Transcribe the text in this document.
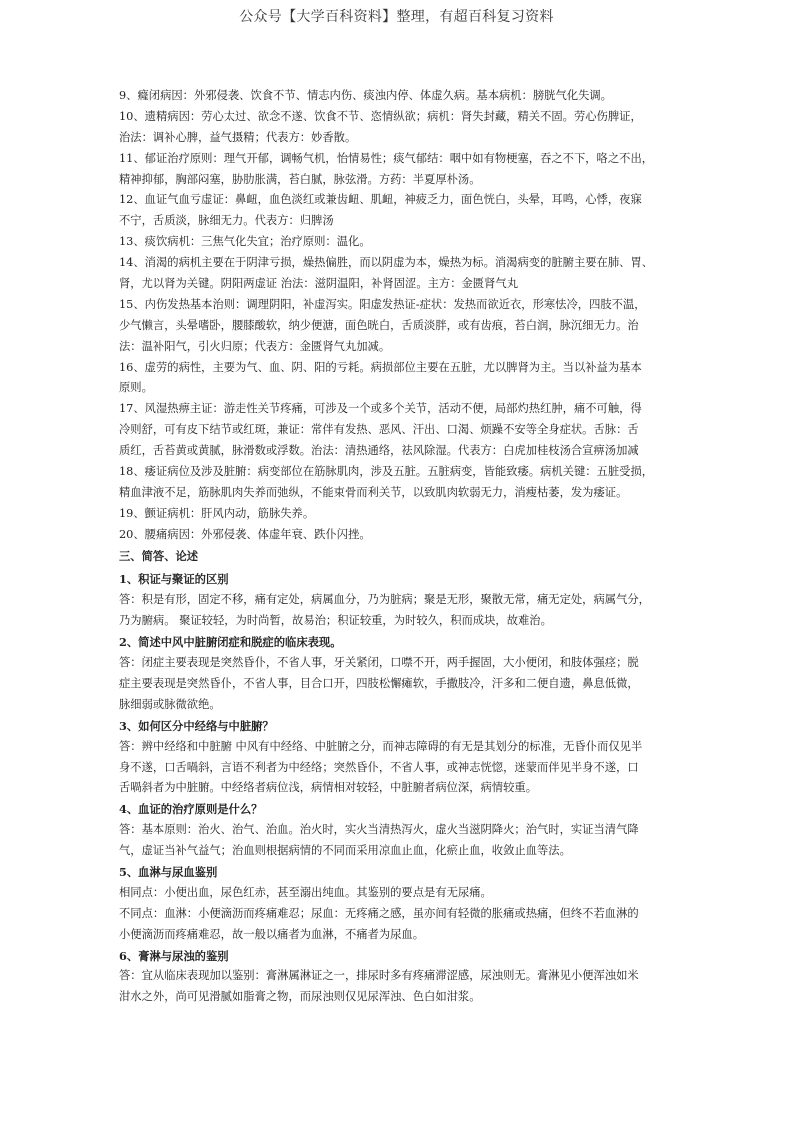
公众号【大学百科资料】整理，有超百科复习资料
9、癃闭病因：外邪侵袭、饮食不节、情志内伤、痰浊内停、体虚久病。基本病机：膀胱气化失调。
10、遗精病因：劳心太过、欲念不遂、饮食不节、恣情纵欲；病机：肾失封藏，精关不固。劳心伤脾证，
治法：调补心脾，益气摄精；代表方：妙香散。
11、郁证治疗原则：理气开郁，调畅气机，怡情易性；痰气郁结：咽中如有物梗塞，吞之不下，咯之不出，
精神抑郁，胸部闷塞，胁肋胀满，苔白腻，脉弦滑。方药：半夏厚朴汤。
12、血证气血亏虚证：鼻衄，血色淡红或兼齿衄、肌衄，神疲乏力，面色恍白，头晕，耳鸣，心悸，夜寐
不宁，舌质淡，脉细无力。代表方：归脾汤
13、痰饮病机：三焦气化失宜；治疗原则：温化。
14、消渴的病机主要在于阴津亏损，燥热偏胜，而以阴虚为本，燥热为标。消渴病变的脏腑主要在肺、胃、
肾，尤以肾为关键。阴阳两虚证 治法：滋阴温阳，补肾固涩。主方：金匮肾气丸
15、内伤发热基本治则：调理阴阳，补虚泻实。阳虚发热证-症状：发热而欲近衣，形寒怯冷，四肢不温，
少气懒言，头晕嗜卧，腰膝酸软，纳少便溏，面色晄白，舌质淡胖，或有齿痕，苔白润，脉沉细无力。治
法：温补阳气，引火归原；代表方：金匮肾气丸加减。
16、虚劳的病性，主要为气、血、阴、阳的亏耗。病损部位主要在五脏，尤以脾肾为主。当以补益为基本
原则。
17、风湿热痹主证：游走性关节疼痛，可涉及一个或多个关节，活动不便，局部灼热红肿，痛不可触，得
冷则舒，可有皮下结节或红斑，兼证：常伴有发热、恶风、汗出、口渴、烦躁不安等全身症状。舌脉：舌
质红，舌苔黄或黄腻，脉滑数或浮数。治法：清热通络，祛风除湿。代表方：白虎加桂枝汤合宣痹汤加减
18、痿证病位及涉及脏腑：病变部位在筋脉肌肉，涉及五脏。五脏病变，皆能致痿。病机关键：五脏受损，
精血津液不足，筋脉肌肉失养而弛纵，不能束骨而利关节，以致肌肉软弱无力，消瘦枯萎，发为痿证。
19、颤证病机：肝风内动，筋脉失养。
20、腰痛病因：外邪侵袭、体虚年衰、跌仆闪挫。
三、简答、论述
1、积证与聚证的区别
答：积是有形，固定不移，痛有定处，病属血分，乃为脏病；聚是无形，聚散无常，痛无定处，病属气分，
乃为腑病。 聚证较轻，为时尚暂，故易治；积证较重，为时较久，积而成块，故难治。
2、简述中风中脏腑闭症和脱症的临床表现。
答：闭症主要表现是突然昏仆，不省人事，牙关紧闭，口噤不开，两手握固，大小便闭，和肢体强痉；脱
症主要表现是突然昏仆，不省人事，目合口开，四肢松懈瘫软，手撒肢冷，汗多和二便自遗，鼻息低微，
脉细弱或脉微欲绝。
3、如何区分中经络与中脏腑？
答：辨中经络和中脏腑 中风有中经络、中脏腑之分，而神志障碍的有无是其划分的标准，无昏仆而仅见半
身不遂，口舌喎斜，言语不利者为中经络；突然昏仆，不省人事，或神志恍惚，迷蒙而伴见半身不遂，口
舌喎斜者为中脏腑。中经络者病位浅，病情相对较轻，中脏腑者病位深，病情较重。
4、血证的治疗原则是什么？
答：基本原则：治火、治气、治血。治火时，实火当清热泻火，虚火当滋阴降火；治气时，实证当清气降
气，虚证当补气益气；治血则根据病情的不同而采用凉血止血，化瘀止血，收敛止血等法。
5、血淋与尿血鉴别
相同点：小便出血，尿色红赤，甚至溺出纯血。其鉴别的要点是有无尿痛。
不同点：血淋：小便滴沥而疼痛难忍；尿血：无疼痛之感，虽亦间有轻微的胀痛或热痛，但终不若血淋的
小便滴沥而疼痛难忍，故一般以痛者为血淋，不痛者为尿血。
6、膏淋与尿浊的鉴别
答：宜从临床表现加以鉴别：膏淋属淋证之一，排尿时多有疼痛滞涩感，尿浊则无。膏淋见小便浑浊如米
泔水之外，尚可见滑腻如脂膏之物，而尿浊则仅见尿浑浊、色白如泔浆。
